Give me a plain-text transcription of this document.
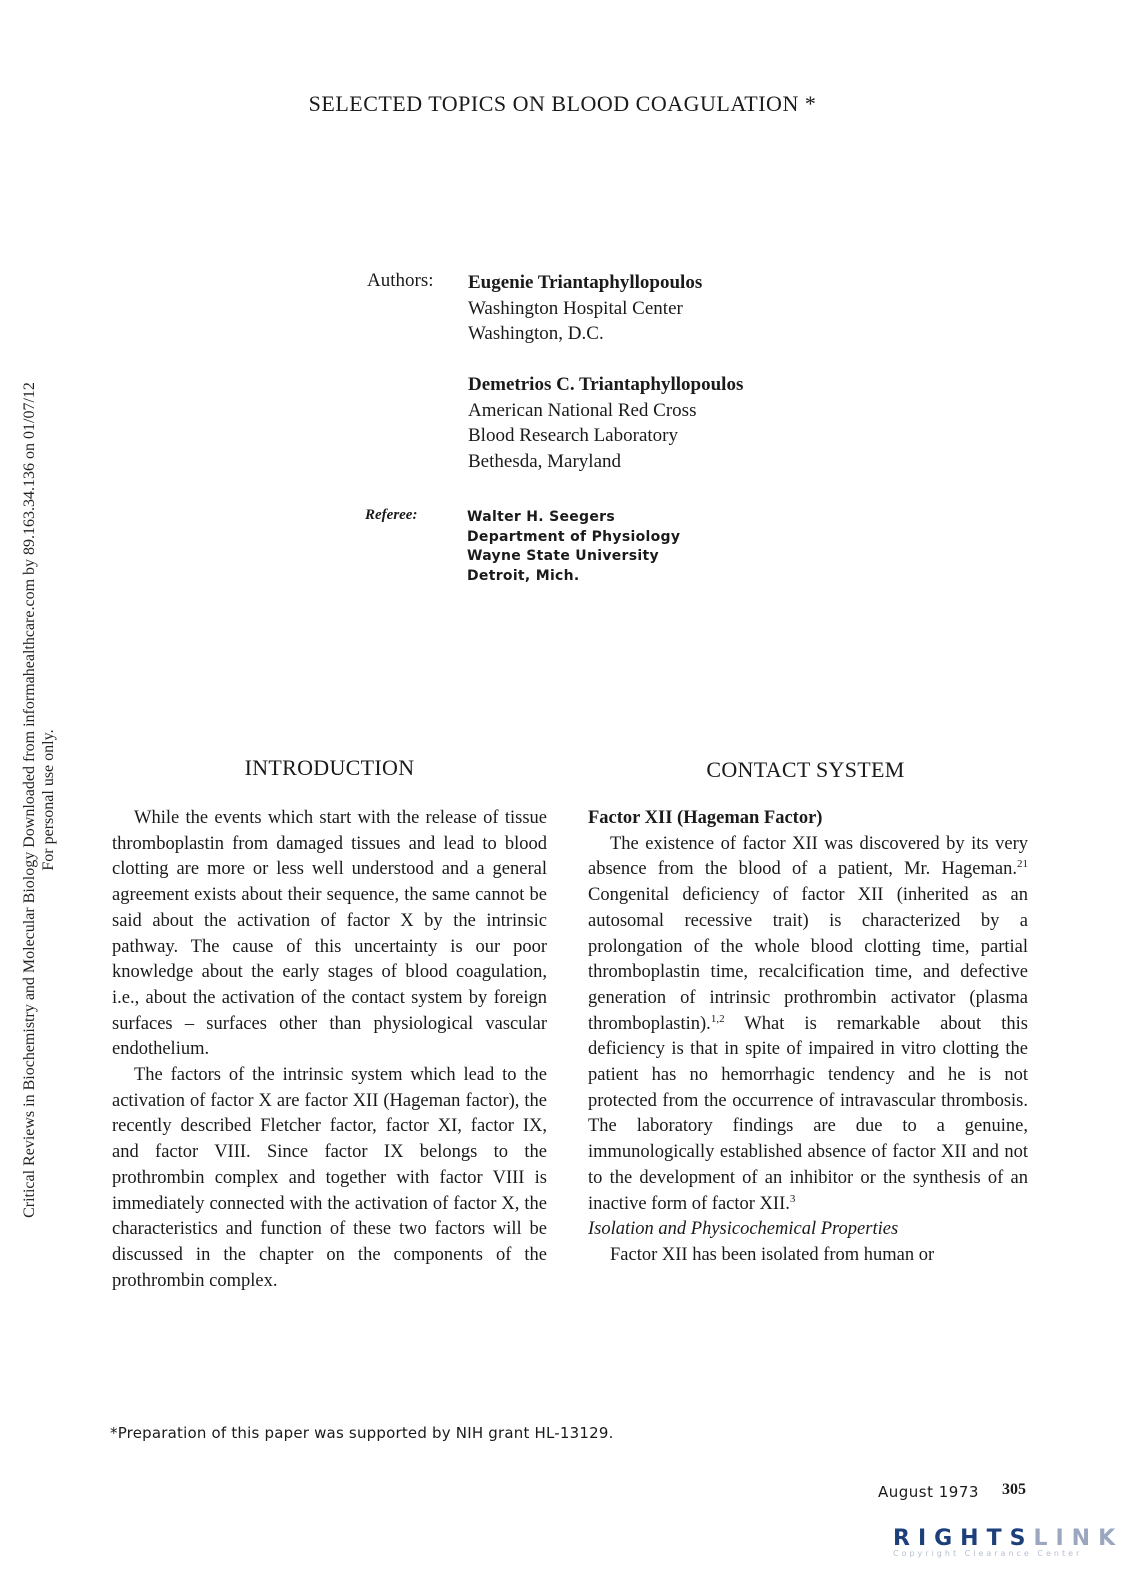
Critical Reviews in Biochemistry and Molecular Biology Downloaded from informahealthcare.com by 89.163.34.136 on 01/07/12 For personal use only.
SELECTED TOPICS ON BLOOD COAGULATION *
Authors: Eugenie Triantaphyllopoulos
Washington Hospital Center
Washington, D.C.
Demetrios C. Triantaphyllopoulos
American National Red Cross
Blood Research Laboratory
Bethesda, Maryland
Referee:	Walter H. Seegers
Department of Physiology
Wayne State University
Detroit, Mich.
INTRODUCTION

While the events which start with the release of tissue thromboplastin from damaged tissues and lead to blood clotting are more or less well understood and a general agreement exists about their sequence, the same cannot be said about the activation of factor X by the intrinsic pathway. The cause of this uncertainty is our poor knowledge about the early stages of blood coagulation, i.e., about the activation of the contact system by foreign surfaces – surfaces other than physiological vascular endothelium.

The factors of the intrinsic system which lead to the activation of factor X are factor XII (Hageman factor), the recently described Fletcher factor, factor XI, factor IX, and factor VIII. Since factor IX belongs to the prothrombin complex and together with factor VIII is immediately connected with the activation of factor X, the characteristics and function of these two factors will be discussed in the chapter on the components of the prothrombin complex.

CONTACT SYSTEM

Factor XII (Hageman Factor)

The existence of factor XII was discovered by its very absence from the blood of a patient, Mr. Hageman.$^{21}$ Congenital deficiency of factor XII (inherited as an autosomal recessive trait) is characterized by a prolongation of the whole blood clotting time, partial thromboplastin time, recalcification time, and defective generation of intrinsic prothrombin activator (plasma thromboplastin).$^{1,2}$ What is remarkable about this deficiency is that in spite of impaired in vitro clotting the patient has no hemorrhagic tendency and he is not protected from the occurrence of intravascular thrombosis. The laboratory findings are due to a genuine, immunologically established absence of factor XII and not to the development of an inhibitor or the synthesis of an inactive form of factor XII.$^3$

Isolation and Physicochemical Properties

Factor XII has been isolated from human or

*Preparation of this paper was supported by NIH grant HL-13129.
August 1973 305
RIGHTSLINK
Copyright Clearance Center
